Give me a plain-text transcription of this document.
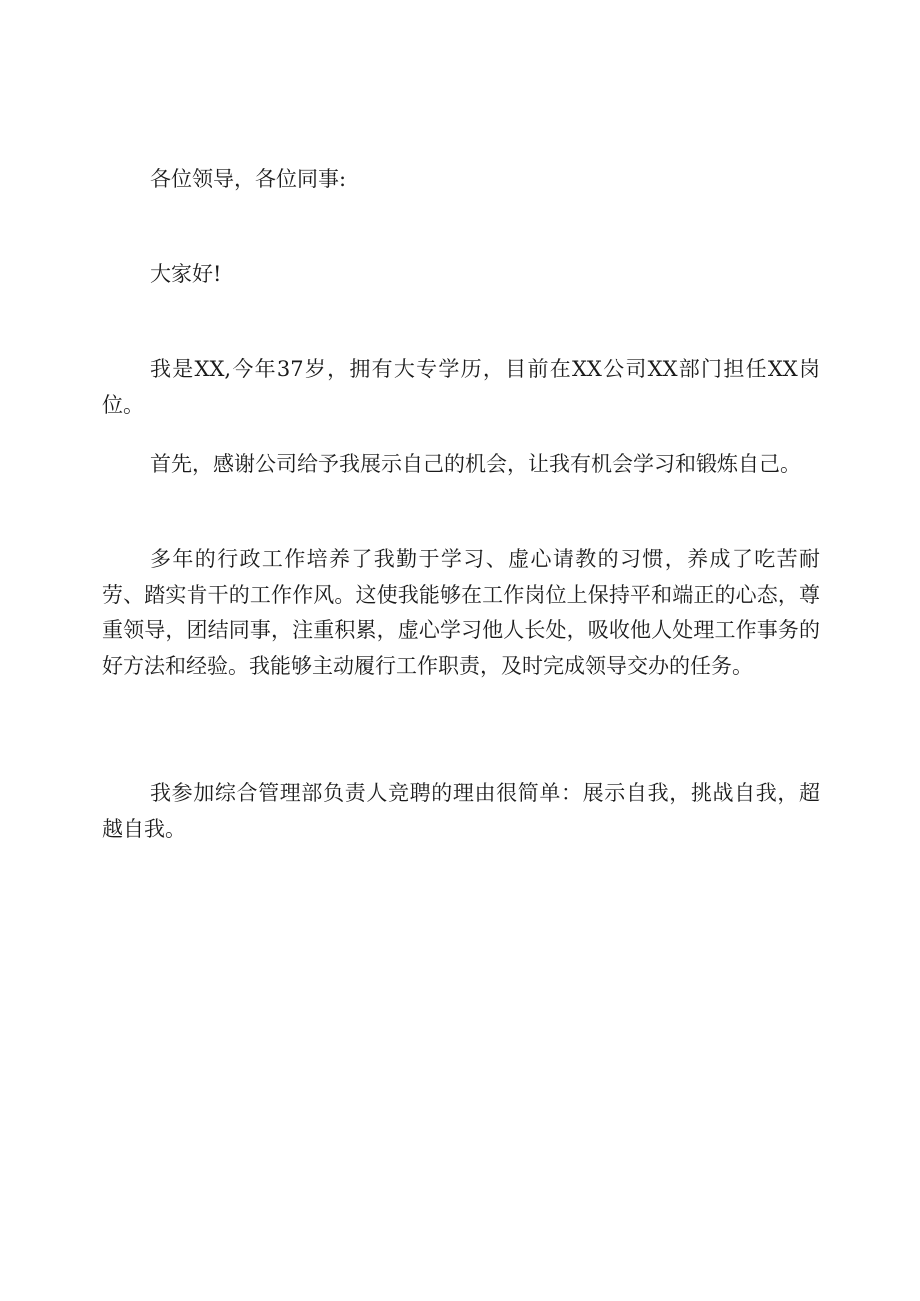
各位领导，各位同事:

大家好!

我是XX,今年37岁，拥有大专学历，目前在XX公司XX部门担任XX岗位。

首先，感谢公司给予我展示自己的机会，让我有机会学习和锻炼自己。

多年的行政工作培养了我勤于学习、虚心请教的习惯，养成了吃苦耐劳、踏实肯干的工作作风。这使我能够在工作岗位上保持平和端正的心态，尊重领导，团结同事，注重积累，虚心学习他人长处，吸收他人处理工作事务的好方法和经验。我能够主动履行工作职责，及时完成领导交办的任务。

我参加综合管理部负责人竞聘的理由很简单：展示自我，挑战自我，超越自我。
